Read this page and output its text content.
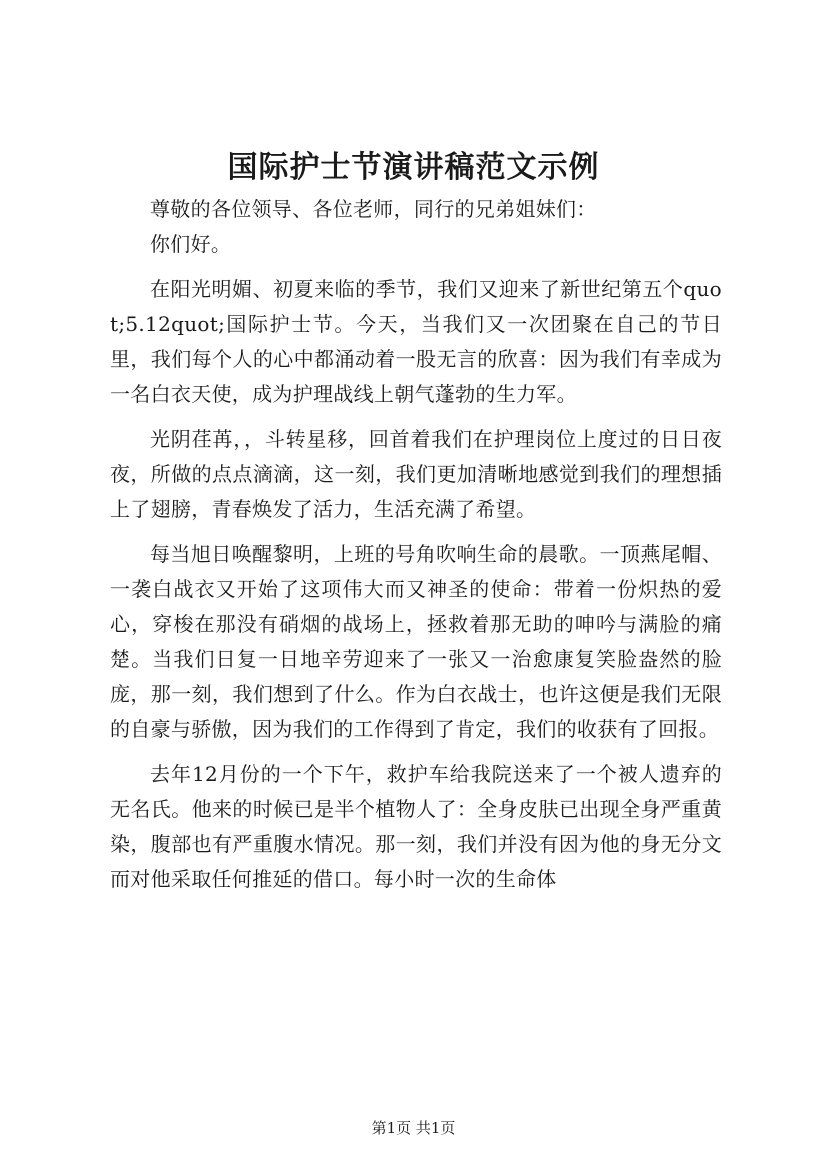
国际护士节演讲稿范文示例

尊敬的各位领导、各位老师，同行的兄弟姐妹们：

你们好。

在阳光明媚、初夏来临的季节，我们又迎来了新世纪第五个quot;5.12quot;国际护士节。今天，当我们又一次团聚在自己的节日里，我们每个人的心中都涌动着一股无言的欣喜：因为我们有幸成为一名白衣天使，成为护理战线上朝气蓬勃的生力军。

光阴荏苒，，斗转星移，回首着我们在护理岗位上度过的日日夜夜，所做的点点滴滴，这一刻，我们更加清晰地感觉到我们的理想插上了翅膀，青春焕发了活力，生活充满了希望。

每当旭日唤醒黎明，上班的号角吹响生命的晨歌。一顶燕尾帽、一袭白战衣又开始了这项伟大而又神圣的使命：带着一份炽热的爱心，穿梭在那没有硝烟的战场上，拯救着那无助的呻吟与满脸的痛楚。当我们日复一日地辛劳迎来了一张又一治愈康复笑脸盎然的脸庞，那一刻，我们想到了什么。作为白衣战士，也许这便是我们无限的自豪与骄傲，因为我们的工作得到了肯定，我们的收获有了回报。

去年12月份的一个下午，救护车给我院送来了一个被人遗弃的无名氏。他来的时候已是半个植物人了：全身皮肤已出现全身严重黄染，腹部也有严重腹水情况。那一刻，我们并没有因为他的身无分文而对他采取任何推延的借口。每小时一次的生命体

第1页 共1页
